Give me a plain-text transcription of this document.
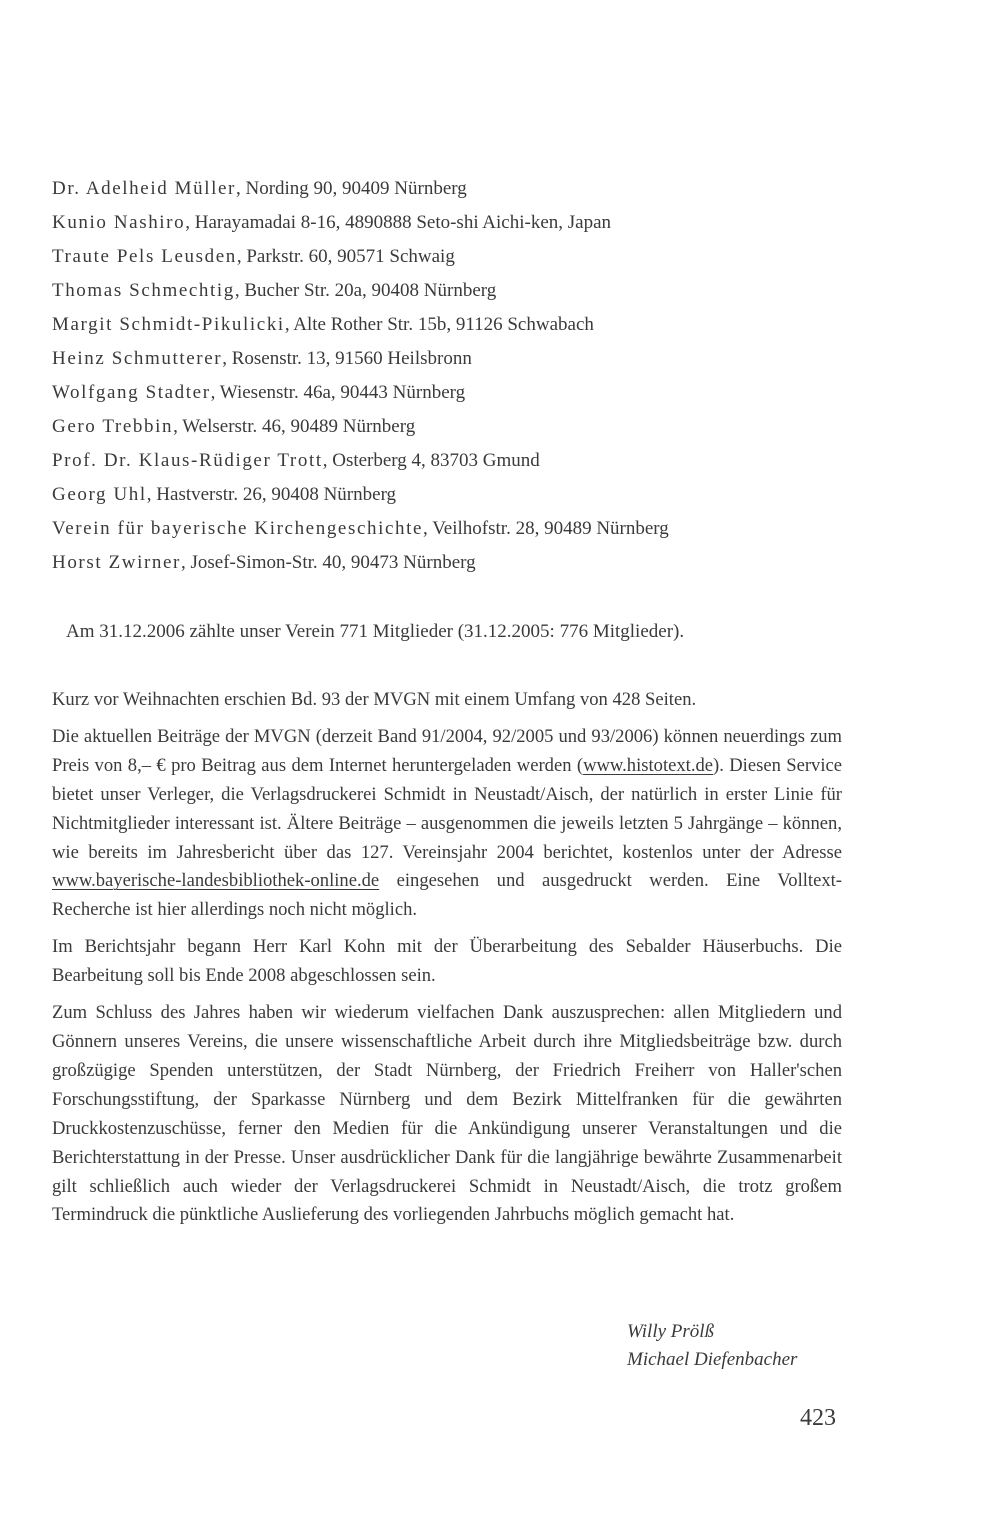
Dr. Adelheid Müller, Nording 90, 90409 Nürnberg
Kunio Nashiro, Harayamadai 8-16, 4890888 Seto-shi Aichi-ken, Japan
Traute Pels Leusden, Parkstr. 60, 90571 Schwaig
Thomas Schmechtig, Bucher Str. 20a, 90408 Nürnberg
Margit Schmidt-Pikulicki, Alte Rother Str. 15b, 91126 Schwabach
Heinz Schmutterer, Rosenstr. 13, 91560 Heilsbronn
Wolfgang Stadter, Wiesenstr. 46a, 90443 Nürnberg
Gero Trebbin, Welserstr. 46, 90489 Nürnberg
Prof. Dr. Klaus-Rüdiger Trott, Osterberg 4, 83703 Gmund
Georg Uhl, Hastverstr. 26, 90408 Nürnberg
Verein für bayerische Kirchengeschichte, Veilhofstr. 28, 90489 Nürnberg
Horst Zwirner, Josef-Simon-Str. 40, 90473 Nürnberg
Am 31.12.2006 zählte unser Verein 771 Mitglieder (31.12.2005: 776 Mitglieder).

Kurz vor Weihnachten erschien Bd. 93 der MVGN mit einem Umfang von 428 Seiten.

Die aktuellen Beiträge der MVGN (derzeit Band 91/2004, 92/2005 und 93/2006) können neuerdings zum Preis von 8,– € pro Beitrag aus dem Internet heruntergeladen werden (www.histotext.de). Diesen Service bietet unser Verleger, die Verlagsdruckerei Schmidt in Neustadt/Aisch, der natürlich in erster Linie für Nichtmitglieder interessant ist. Ältere Beiträge – ausgenommen die jeweils letzten 5 Jahrgänge – können, wie bereits im Jahresbericht über das 127. Vereinsjahr 2004 berichtet, kostenlos unter der Adresse www.bayerische-landesbibliothek-online.de eingesehen und ausgedruckt werden. Eine Volltext-Recherche ist hier allerdings noch nicht möglich.

Im Berichtsjahr begann Herr Karl Kohn mit der Überarbeitung des Sebalder Häuserbuchs. Die Bearbeitung soll bis Ende 2008 abgeschlossen sein.

Zum Schluss des Jahres haben wir wiederum vielfachen Dank auszusprechen: allen Mitgliedern und Gönnern unseres Vereins, die unsere wissenschaftliche Arbeit durch ihre Mitgliedsbeiträge bzw. durch großzügige Spenden unterstützen, der Stadt Nürnberg, der Friedrich Freiherr von Haller'schen Forschungsstiftung, der Sparkasse Nürnberg und dem Bezirk Mittelfranken für die gewährten Druckkostenzuschüsse, ferner den Medien für die Ankündigung unserer Veranstaltungen und die Berichterstattung in der Presse. Unser ausdrücklicher Dank für die langjährige bewährte Zusammenarbeit gilt schließlich auch wieder der Verlagsdruckerei Schmidt in Neustadt/Aisch, die trotz großem Termindruck die pünktliche Auslieferung des vorliegenden Jahrbuchs möglich gemacht hat.

Willy Prölß
Michael Diefenbacher
423
